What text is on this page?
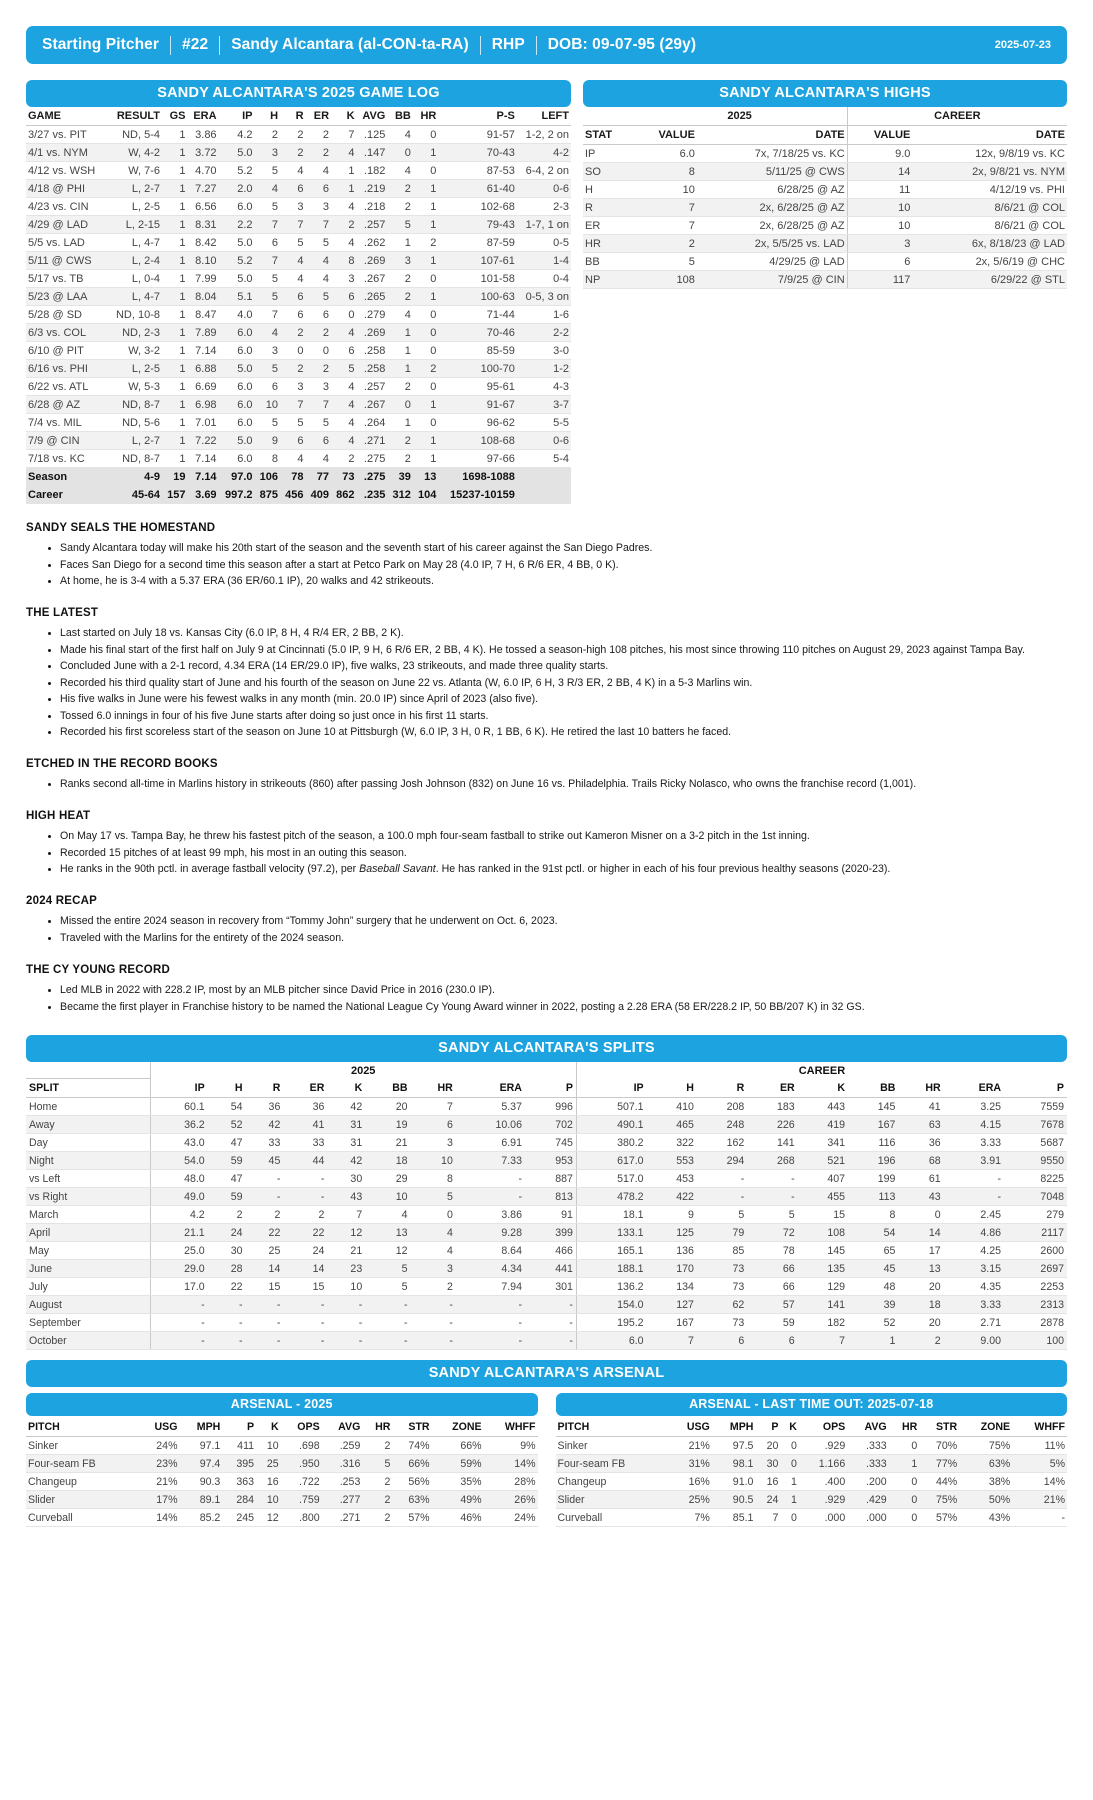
Starting Pitcher #22 Sandy Alcantara (al-CON-ta-RA) RHP DOB: 09-07-95 (29y)	2025-07-23
SANDY ALCANTARA'S 2025 GAME LOG
GAME	RESULT	GS	ERA	IP	H	R	ER	K	AVG	BB	HR	P-S	LEFT
3/27 vs. PIT	ND, 5-4	1	3.86	4.2	2	2	2	7	.125	4	0	91-57	1-2, 2 on
4/1 vs. NYM	W, 4-2	1	3.72	5.0	3	2	2	4	.147	0	1	70-43	4-2
4/12 vs. WSH	W, 7-6	1	4.70	5.2	5	4	4	1	.182	4	0	87-53	6-4, 2 on
4/18 @ PHI	L, 2-7	1	7.27	2.0	4	6	6	1	.219	2	1	61-40	0-6
4/23 vs. CIN	L, 2-5	1	6.56	6.0	5	3	3	4	.218	2	1	102-68	2-3
4/29 @ LAD	L, 2-15	1	8.31	2.2	7	7	7	2	.257	5	1	79-43	1-7, 1 on
5/5 vs. LAD	L, 4-7	1	8.42	5.0	6	5	5	4	.262	1	2	87-59	0-5
5/11 @ CWS	L, 2-4	1	8.10	5.2	7	4	4	8	.269	3	1	107-61	1-4
5/17 vs. TB	L, 0-4	1	7.99	5.0	5	4	4	3	.267	2	0	101-58	0-4
5/23 @ LAA	L, 4-7	1	8.04	5.1	5	6	5	6	.265	2	1	100-63	0-5, 3 on
5/28 @ SD	ND, 10-8	1	8.47	4.0	7	6	6	0	.279	4	0	71-44	1-6
6/3 vs. COL	ND, 2-3	1	7.89	6.0	4	2	2	4	.269	1	0	70-46	2-2
6/10 @ PIT	W, 3-2	1	7.14	6.0	3	0	0	6	.258	1	0	85-59	3-0
6/16 vs. PHI	L, 2-5	1	6.88	5.0	5	2	2	5	.258	1	2	100-70	1-2
6/22 vs. ATL	W, 5-3	1	6.69	6.0	6	3	3	4	.257	2	0	95-61	4-3
6/28 @ AZ	ND, 8-7	1	6.98	6.0	10	7	7	4	.267	0	1	91-67	3-7
7/4 vs. MIL	ND, 5-6	1	7.01	6.0	5	5	5	4	.264	1	0	96-62	5-5
7/9 @ CIN	L, 2-7	1	7.22	5.0	9	6	6	4	.271	2	1	108-68	0-6
7/18 vs. KC	ND, 8-7	1	7.14	6.0	8	4	4	2	.275	2	1	97-66	5-4
Season	4-9	19	7.14	97.0	106	78	77	73	.275	39	13	1698-1088	
Career	45-64	157	3.69	997.2	875	456	409	862	.235	312	104	15237-10159	
SANDY ALCANTARA'S HIGHS
	2025		CAREER	
STAT	VALUE	DATE	VALUE	DATE
IP	6.0	7x, 7/18/25 vs. KC	9.0	12x, 9/8/19 vs. KC
SO	8	5/11/25 @ CWS	14	2x, 9/8/21 vs. NYM
H	10	6/28/25 @ AZ	11	4/12/19 vs. PHI
R	7	2x, 6/28/25 @ AZ	10	8/6/21 @ COL
ER	7	2x, 6/28/25 @ AZ	10	8/6/21 @ COL
HR	2	2x, 5/5/25 vs. LAD	3	6x, 8/18/23 @ LAD
BB	5	4/29/25 @ LAD	6	2x, 5/6/19 @ CHC
NP	108	7/9/25 @ CIN	117	6/29/22 @ STL
SANDY SEALS THE HOMESTAND
• Sandy Alcantara today will make his 20th start of the season and the seventh start of his career against the San Diego Padres.
• Faces San Diego for a second time this season after a start at Petco Park on May 28 (4.0 IP, 7 H, 6 R/6 ER, 4 BB, 0 K).
• At home, he is 3-4 with a 5.37 ERA (36 ER/60.1 IP), 20 walks and 42 strikeouts.
THE LATEST
• Last started on July 18 vs. Kansas City (6.0 IP, 8 H, 4 R/4 ER, 2 BB, 2 K).
• Made his final start of the first half on July 9 at Cincinnati (5.0 IP, 9 H, 6 R/6 ER, 2 BB, 4 K). He tossed a season-high 108 pitches, his most since throwing 110 pitches on August 29, 2023 against Tampa Bay.
• Concluded June with a 2-1 record, 4.34 ERA (14 ER/29.0 IP), five walks, 23 strikeouts, and made three quality starts.
• Recorded his third quality start of June and his fourth of the season on June 22 vs. Atlanta (W, 6.0 IP, 6 H, 3 R/3 ER, 2 BB, 4 K) in a 5-3 Marlins win.
• His five walks in June were his fewest walks in any month (min. 20.0 IP) since April of 2023 (also five).
• Tossed 6.0 innings in four of his five June starts after doing so just once in his first 11 starts.
• Recorded his first scoreless start of the season on June 10 at Pittsburgh (W, 6.0 IP, 3 H, 0 R, 1 BB, 6 K). He retired the last 10 batters he faced.
ETCHED IN THE RECORD BOOKS
• Ranks second all-time in Marlins history in strikeouts (860) after passing Josh Johnson (832) on June 16 vs. Philadelphia. Trails Ricky Nolasco, who owns the franchise record (1,001).
HIGH HEAT
• On May 17 vs. Tampa Bay, he threw his fastest pitch of the season, a 100.0 mph four-seam fastball to strike out Kameron Misner on a 3-2 pitch in the 1st inning.
• Recorded 15 pitches of at least 99 mph, his most in an outing this season.
• He ranks in the 90th pctl. in average fastball velocity (97.2), per Baseball Savant. He has ranked in the 91st pctl. or higher in each of his four previous healthy seasons (2020-23).
2024 RECAP
• Missed the entire 2024 season in recovery from “Tommy John” surgery that he underwent on Oct. 6, 2023.
• Traveled with the Marlins for the entirety of the 2024 season.
THE CY YOUNG RECORD
• Led MLB in 2022 with 228.2 IP, most by an MLB pitcher since David Price in 2016 (230.0 IP).
• Became the first player in Franchise history to be named the National League Cy Young Award winner in 2022, posting a 2.28 ERA (58 ER/228.2 IP, 50 BB/207 K) in 32 GS.
SANDY ALCANTARA'S SPLITS
	2025									CAREER								
SPLIT	IP	H	R	ER	K	BB	HR	ERA	P	IP	H	R	ER	K	BB	HR	ERA	P
Home	60.1	54	36	36	42	20	7	5.37	996	507.1	410	208	183	443	145	41	3.25	7559
Away	36.2	52	42	41	31	19	6	10.06	702	490.1	465	248	226	419	167	63	4.15	7678
Day	43.0	47	33	33	31	21	3	6.91	745	380.2	322	162	141	341	116	36	3.33	5687
Night	54.0	59	45	44	42	18	10	7.33	953	617.0	553	294	268	521	196	68	3.91	9550
vs Left	48.0	47	-	-	30	29	8	-	887	517.0	453	-	-	407	199	61	-	8225
vs Right	49.0	59	-	-	43	10	5	-	813	478.2	422	-	-	455	113	43	-	7048
March	4.2	2	2	2	7	4	0	3.86	91	18.1	9	5	5	15	8	0	2.45	279
April	21.1	24	22	22	12	13	4	9.28	399	133.1	125	79	72	108	54	14	4.86	2117
May	25.0	30	25	24	21	12	4	8.64	466	165.1	136	85	78	145	65	17	4.25	2600
June	29.0	28	14	14	23	5	3	4.34	441	188.1	170	73	66	135	45	13	3.15	2697
July	17.0	22	15	15	10	5	2	7.94	301	136.2	134	73	66	129	48	20	4.35	2253
August	-	-	-	-	-	-	-	-	-	154.0	127	62	57	141	39	18	3.33	2313
September	-	-	-	-	-	-	-	-	-	195.2	167	73	59	182	52	20	2.71	2878
October	-	-	-	-	-	-	-	-	-	6.0	7	6	6	7	1	2	9.00	100
SANDY ALCANTARA'S ARSENAL
ARSENAL - 2025
PITCH	USG	MPH	P	K	OPS	AVG	HR	STR	ZONE	WHFF
Sinker	24%	97.1	411	10	.698	.259	2	74%	66%	9%
Four-seam FB	23%	97.4	395	25	.950	.316	5	66%	59%	14%
Changeup	21%	90.3	363	16	.722	.253	2	56%	35%	28%
Slider	17%	89.1	284	10	.759	.277	2	63%	49%	26%
Curveball	14%	85.2	245	12	.800	.271	2	57%	46%	24%
ARSENAL - LAST TIME OUT: 2025-07-18
PITCH	USG	MPH	P	K	OPS	AVG	HR	STR	ZONE	WHFF
Sinker	21%	97.5	20	0	.929	.333	0	70%	75%	11%
Four-seam FB	31%	98.1	30	0	1.166	.333	1	77%	63%	5%
Changeup	16%	91.0	16	1	.400	.200	0	44%	38%	14%
Slider	25%	90.5	24	1	.929	.429	0	75%	50%	21%
Curveball	7%	85.1	7	0	.000	.000	0	57%	43%	-
